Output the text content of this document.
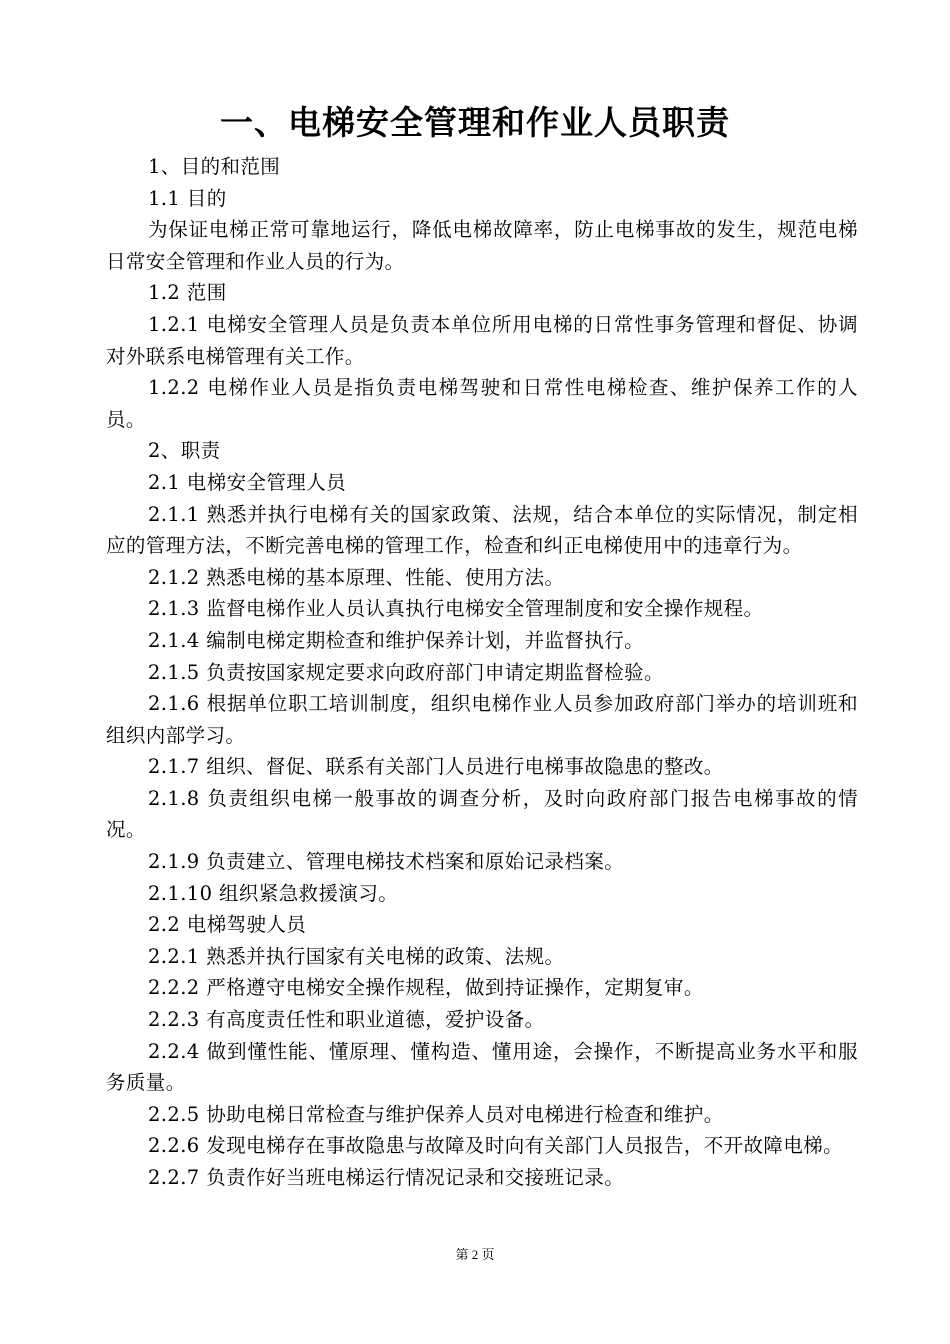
一、电梯安全管理和作业人员职责

1、目的和范围

1.1 目的

为保证电梯正常可靠地运行，降低电梯故障率，防止电梯事故的发生，规范电梯日常安全管理和作业人员的行为。

1.2 范围

1.2.1 电梯安全管理人员是负责本单位所用电梯的日常性事务管理和督促、协调对外联系电梯管理有关工作。

1.2.2 电梯作业人员是指负责电梯驾驶和日常性电梯检查、维护保养工作的人员。

2、职责

2.1 电梯安全管理人员

2.1.1 熟悉并执行电梯有关的国家政策、法规，结合本单位的实际情况，制定相应的管理方法，不断完善电梯的管理工作，检查和纠正电梯使用中的违章行为。

2.1.2 熟悉电梯的基本原理、性能、使用方法。

2.1.3 监督电梯作业人员认真执行电梯安全管理制度和安全操作规程。

2.1.4 编制电梯定期检查和维护保养计划，并监督执行。

2.1.5 负责按国家规定要求向政府部门申请定期监督检验。

2.1.6 根据单位职工培训制度，组织电梯作业人员参加政府部门举办的培训班和组织内部学习。

2.1.7 组织、督促、联系有关部门人员进行电梯事故隐患的整改。

2.1.8 负责组织电梯一般事故的调查分析，及时向政府部门报告电梯事故的情况。

2.1.9 负责建立、管理电梯技术档案和原始记录档案。

2.1.10 组织紧急救援演习。

2.2 电梯驾驶人员

2.2.1 熟悉并执行国家有关电梯的政策、法规。

2.2.2 严格遵守电梯安全操作规程，做到持证操作，定期复审。

2.2.3 有高度责任性和职业道德，爱护设备。

2.2.4 做到懂性能、懂原理、懂构造、懂用途，会操作，不断提高业务水平和服务质量。

2.2.5 协助电梯日常检查与维护保养人员对电梯进行检查和维护。

2.2.6 发现电梯存在事故隐患与故障及时向有关部门人员报告，不开故障电梯。

2.2.7 负责作好当班电梯运行情况记录和交接班记录。

第 2 页
